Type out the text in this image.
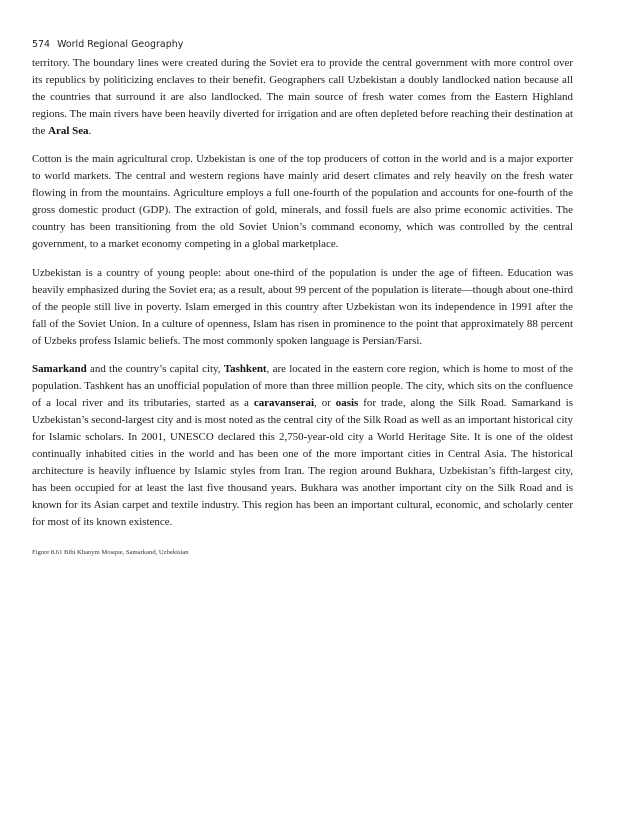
574 World Regional Geography

territory. The boundary lines were created during the Soviet era to provide the central government with more control over its republics by politicizing enclaves to their benefit. Geographers call Uzbekistan a doubly landlocked nation because all the countries that surround it are also landlocked. The main source of fresh water comes from the Eastern Highland regions. The main rivers have been heavily diverted for irrigation and are often depleted before reaching their destination at the Aral Sea.

Cotton is the main agricultural crop. Uzbekistan is one of the top producers of cotton in the world and is a major exporter to world markets. The central and western regions have mainly arid desert climates and rely heavily on the fresh water flowing in from the mountains. Agriculture employs a full one-fourth of the population and accounts for one-fourth of the gross domestic product (GDP). The extraction of gold, minerals, and fossil fuels are also prime economic activities. The country has been transitioning from the old Soviet Union’s command economy, which was controlled by the central government, to a market economy competing in a global marketplace.

Uzbekistan is a country of young people: about one-third of the population is under the age of fifteen. Education was heavily emphasized during the Soviet era; as a result, about 99 percent of the population is literate—though about one-third of the people still live in poverty. Islam emerged in this country after Uzbekistan won its independence in 1991 after the fall of the Soviet Union. In a culture of openness, Islam has risen in prominence to the point that approximately 88 percent of Uzbeks profess Islamic beliefs. The most commonly spoken language is Persian/Farsi.

Samarkand and the country’s capital city, Tashkent, are located in the eastern core region, which is home to most of the population. Tashkent has an unofficial population of more than three million people. The city, which sits on the confluence of a local river and its tributaries, started as a caravanserai, or oasis for trade, along the Silk Road. Samarkand is Uzbekistan’s second-largest city and is most noted as the central city of the Silk Road as well as an important historical city for Islamic scholars. In 2001, UNESCO declared this 2,750-year-old city a World Heritage Site. It is one of the oldest continually inhabited cities in the world and has been one of the more important cities in Central Asia. The historical architecture is heavily influence by Islamic styles from Iran. The region around Bukhara, Uzbekistan’s fifth-largest city, has been occupied for at least the last five thousand years. Bukhara was another important city on the Silk Road and is known for its Asian carpet and textile industry. This region has been an important cultural, economic, and scholarly center for most of its known existence.

Figure 8.61 Bibi Khanym Mosque, Samarkand, Uzbekistan
